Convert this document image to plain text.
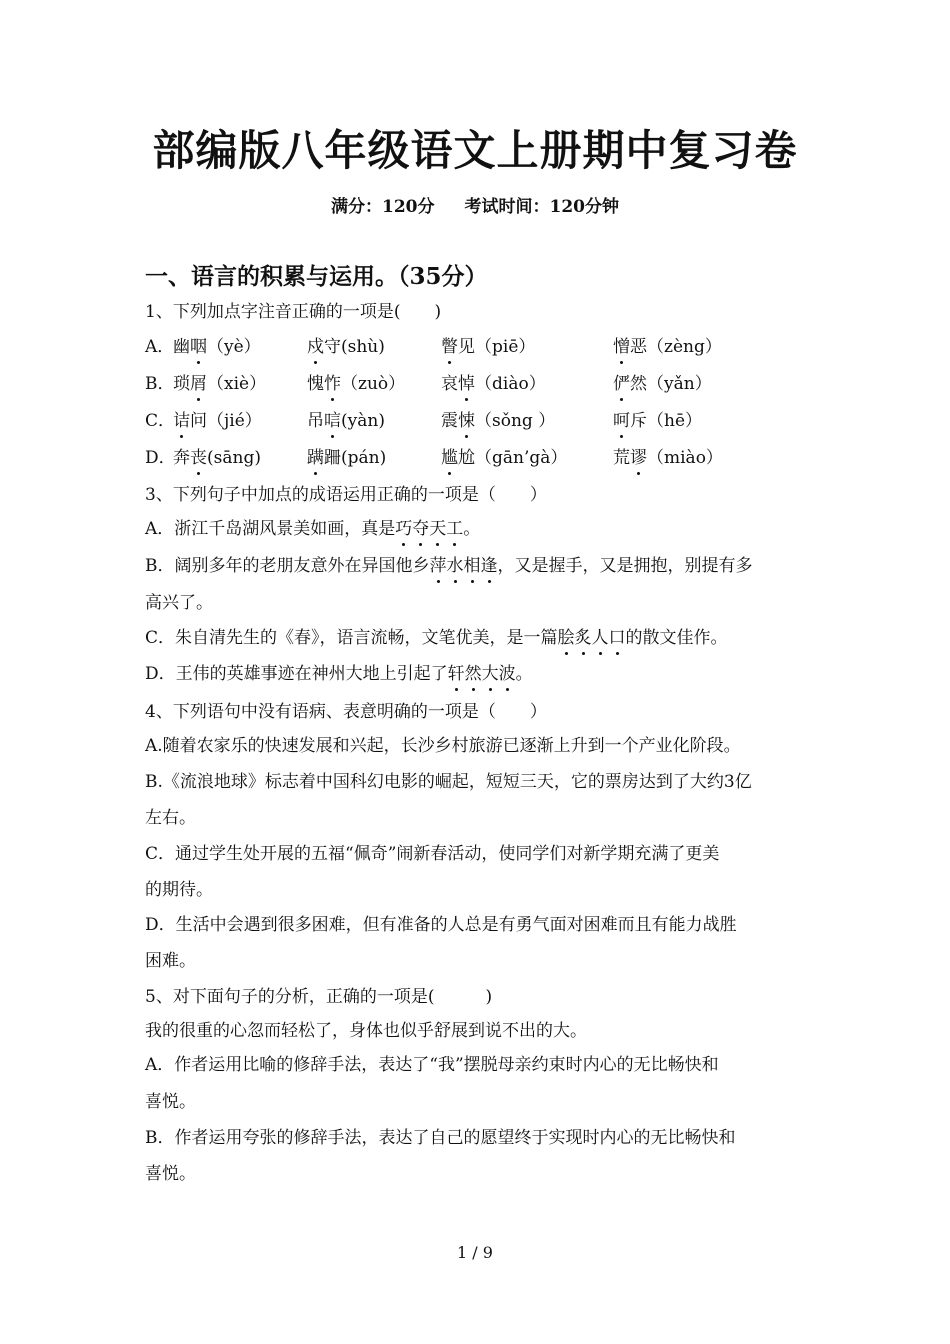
部编版八年级语文上册期中复习卷
满分：120分 考试时间：120分钟
一、语言的积累与运用。（35分）
1、下列加点字注音正确的一项是(　　)
A．
幽咽（yè）	戍守(shù)	瞥见（piē）	憎恶（zèng）
B．
琐屑（xiè） 愧怍（zuò） 哀悼（diào）	俨然（yǎn）
C．
诘问（jié）	吊唁(yàn)	震悚（sǒng ）	呵斥（hē）
D．
奔丧(sāng)	蹒跚(pán)	尴尬（gān’gà）	荒谬（miào）
3、下列句子中加点的成语运用正确的一项是（　　）
A．浙江千岛湖风景美如画，真是巧夺天工。
B．阔别多年的老朋友意外在异国他乡萍水相逢，又是握手，又是拥抱，别提有多
高兴了。
C．朱自清先生的《春》，语言流畅，文笔优美，是一篇脍炙人口的散文佳作。
D．王伟的英雄事迹在神州大地上引起了轩然大波。
4、下列语句中没有语病、表意明确的一项是（　　）
A.随着农家乐的快速发展和兴起，长沙乡村旅游已逐渐上升到一个产业化阶段。
B.《流浪地球》标志着中国科幻电影的崛起，短短三天，它的票房达到了大约3亿
左右。
C．通过学生处开展的五福“佩奇”闹新春活动，使同学们对新学期充满了更美
的期待。
D．生活中会遇到很多困难，但有准备的人总是有勇气面对困难而且有能力战胜
困难。
5、对下面句子的分析，正确的一项是(　　　)
我的很重的心忽而轻松了，身体也似乎舒展到说不出的大。
A．作者运用比喻的修辞手法，表达了“我”摆脱母亲约束时内心的无比畅快和
喜悦。
B．作者运用夸张的修辞手法，表达了自己的愿望终于实现时内心的无比畅快和
喜悦。
1 / 9
